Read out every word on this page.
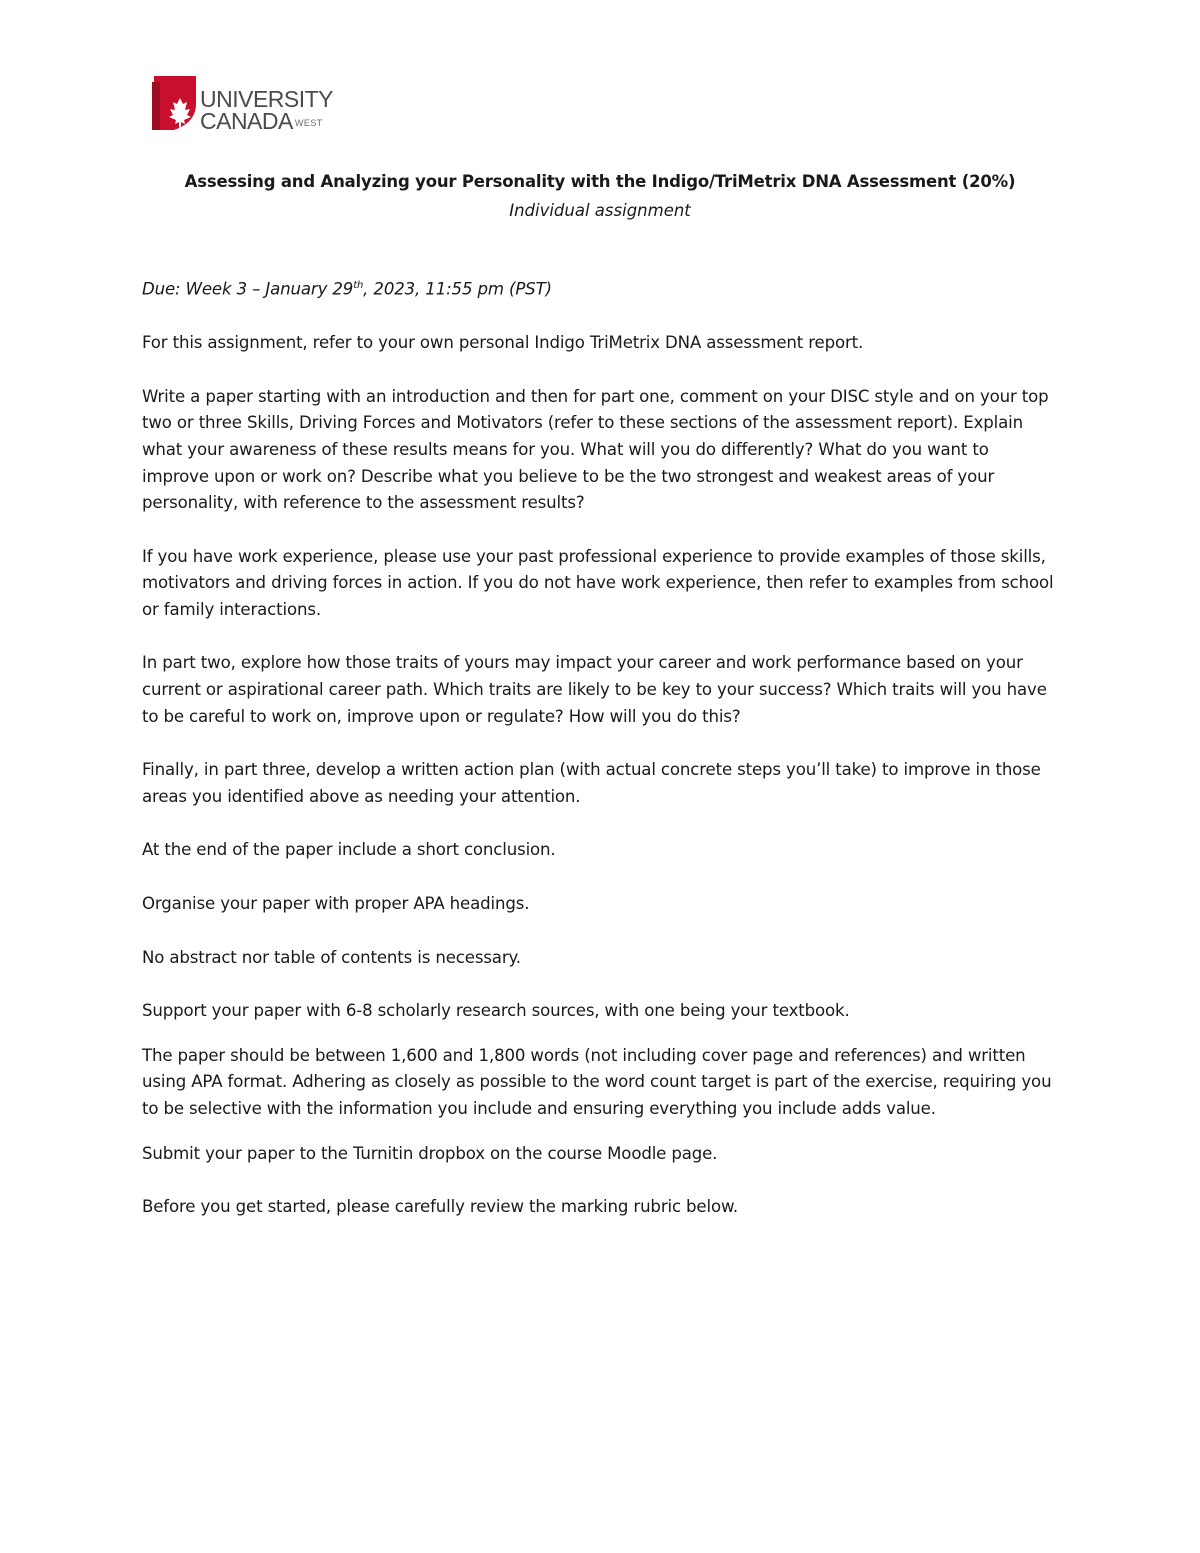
UNIVERSITY
CANADA $^{WEST}$
Assessing and Analyzing your Personality with the Indigo/TriMetrix DNA Assessment (20%)
Individual assignment

Due: Week 3 – January 29th, 2023, 11:55 pm (PST)

For this assignment, refer to your own personal Indigo TriMetrix DNA assessment report.

Write a paper starting with an introduction and then for part one, comment on your DISC style and on your top two or three Skills, Driving Forces and Motivators (refer to these sections of the assessment report). Explain what your awareness of these results means for you. What will you do differently? What do you want to improve upon or work on? Describe what you believe to be the two strongest and weakest areas of your personality, with reference to the assessment results?

If you have work experience, please use your past professional experience to provide examples of those skills, motivators and driving forces in action. If you do not have work experience, then refer to examples from school or family interactions.

In part two, explore how those traits of yours may impact your career and work performance based on your current or aspirational career path. Which traits are likely to be key to your success? Which traits will you have to be careful to work on, improve upon or regulate? How will you do this?

Finally, in part three, develop a written action plan (with actual concrete steps you’ll take) to improve in those areas you identified above as needing your attention.

At the end of the paper include a short conclusion.

Organise your paper with proper APA headings.

No abstract nor table of contents is necessary.

Support your paper with 6-8 scholarly research sources, with one being your textbook.

The paper should be between 1,600 and 1,800 words (not including cover page and references) and written using APA format. Adhering as closely as possible to the word count target is part of the exercise, requiring you to be selective with the information you include and ensuring everything you include adds value.

Submit your paper to the Turnitin dropbox on the course Moodle page.

Before you get started, please carefully review the marking rubric below.
